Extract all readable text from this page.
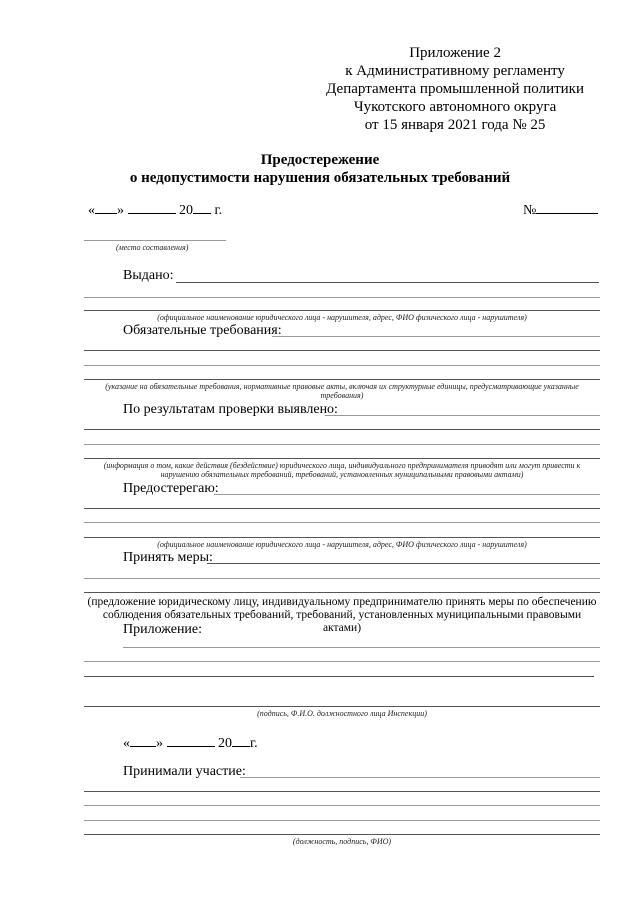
Приложение 2
к Административному регламенту
Департамента промышленной политики
Чукотского автономного округа
от 15 января 2021 года № 25
Предостережение
о недопустимости нарушения обязательных требований
« »	20 г.	№
(место составления)
Выдано:
(официальное наименование юридического лица - нарушителя, адрес, ФИО физического лица - нарушителя)
Обязательные требования:
(указание на обязательные требования, нормативные правовые акты, включая их структурные единицы, предусматривающие указанные требования)
По результатам проверки выявлено:
(информация о том, какие действия (бездействие) юридического лица, индивидуального предпринимателя приводят или могут привести к нарушению обязательных требований, требований, установленных муниципальными правовыми актами)
Предостерегаю:
(официальное наименование юридического лица - нарушителя, адрес, ФИО физического лица - нарушителя)
Принять меры:
(предложение юридическому лицу, индивидуальному предпринимателю принять меры по обеспечению соблюдения обязательных требований, требований, установленных муниципальными правовыми актами)
Приложение:
(подпись, Ф.И.О. должностного лица Инспекции)
« »	20 г.
Принимали участие:
(должность, подпись, ФИО)
